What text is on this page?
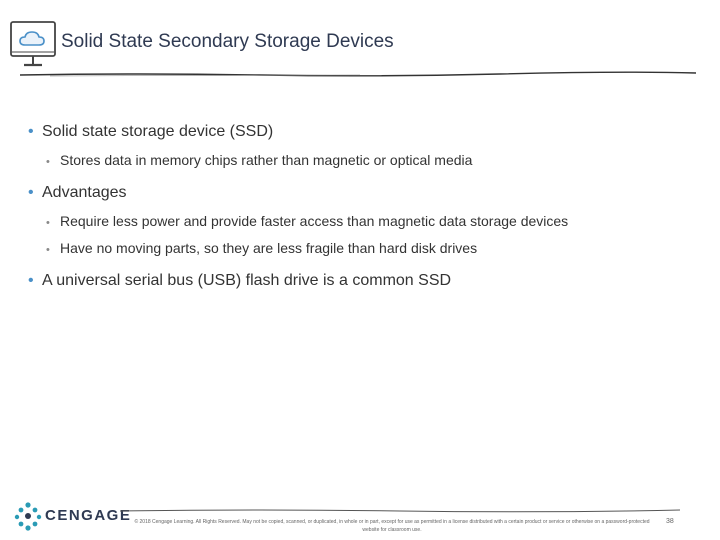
Solid State Secondary Storage Devices
• Solid state storage device (SSD)
• Stores data in memory chips rather than magnetic or optical media
• Advantages
• Require less power and provide faster access than magnetic data storage devices
• Have no moving parts, so they are less fragile than hard disk drives
• A universal serial bus (USB) flash drive is a common SSD
CENGAGE © 2018 Cengage Learning. All Rights Reserved. May not be copied, scanned, or duplicated, in whole or in part, except for use as permitted in a license distributed with a certain product or service or otherwise on a password-protected website for classroom use.
38
